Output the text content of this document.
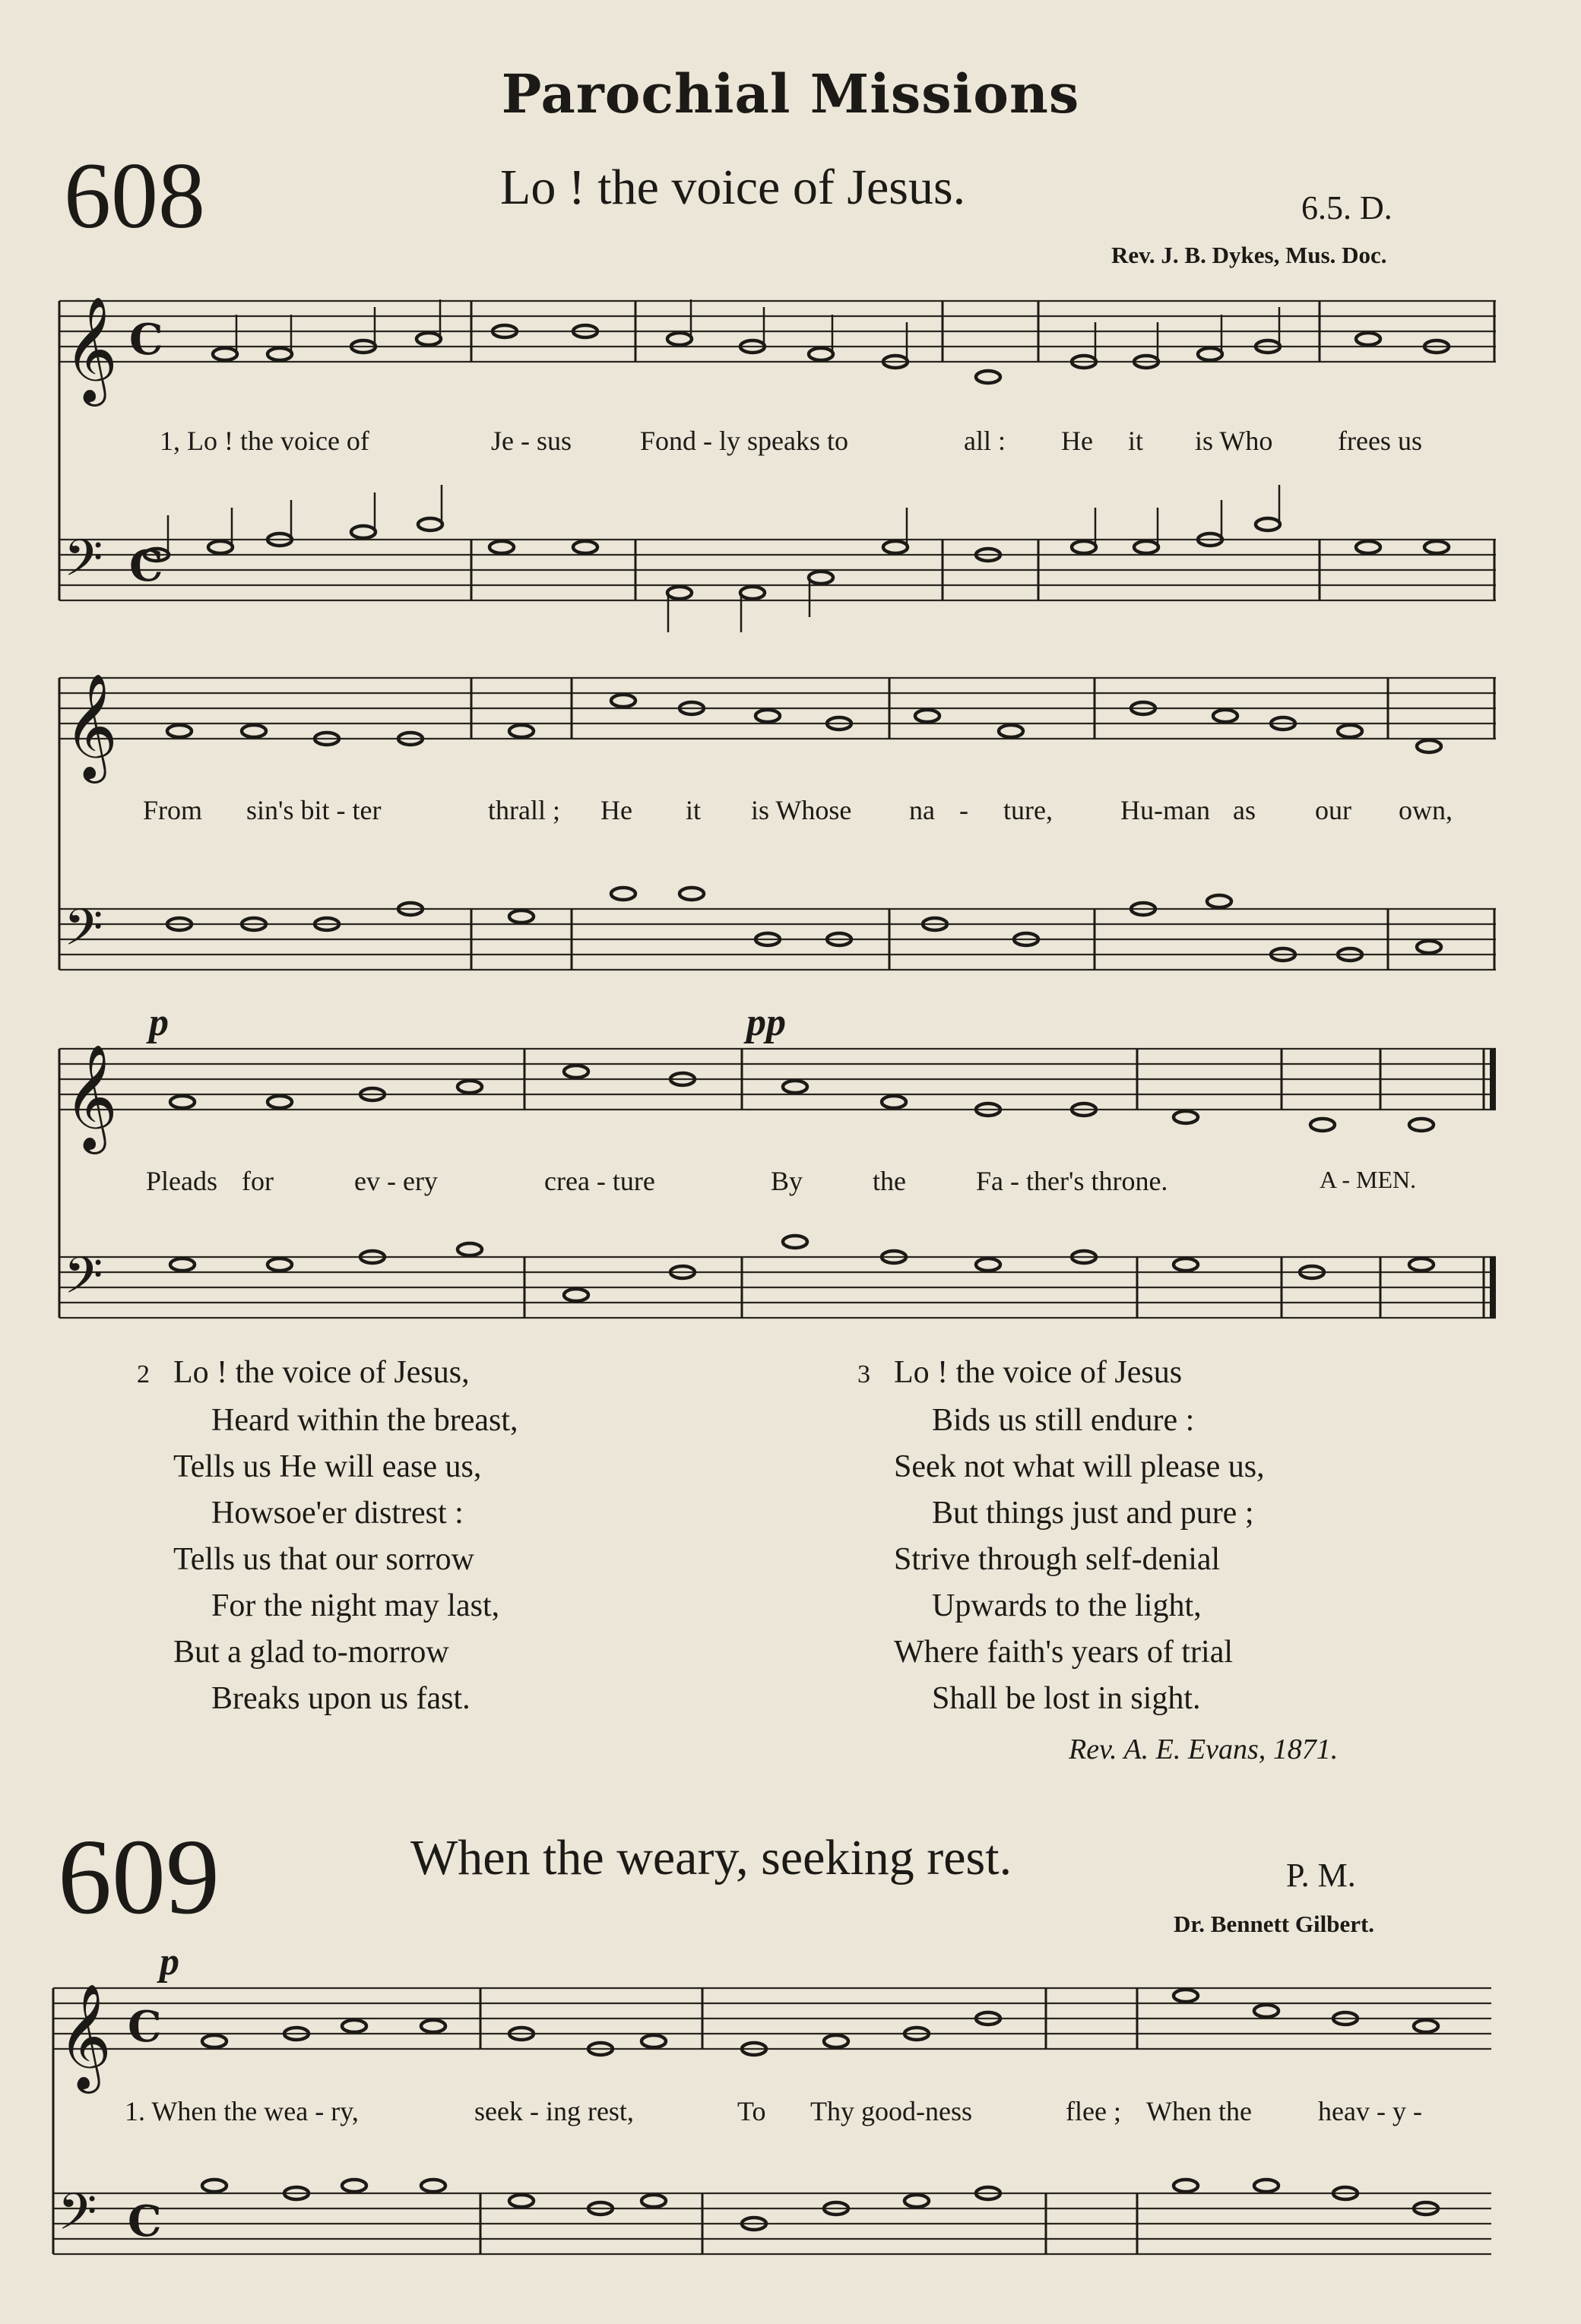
Parochial Missions
608	Lo ! the voice of Jesus.	6.5. D.
Rev. J. B. Dykes, Mus. Doc.
𝄞 C
𝄢 C
𝄞
𝄢
𝄞
𝄢
𝄞 C
𝄢 C
1, Lo ! the voice of	Je - sus	Fond - ly speaks to	all : He it is Who frees us
From sin's bit - ter	thrall ; He it is Whose na - ture, Hu-man as our own,
p	pp
Pleads for	ev - ery	crea - ture	By	the	Fa - ther's throne.	A - MEN.
2 Lo ! the voice of Jesus,
Heard within the breast,
Tells us He will ease us,
Howsoe'er distrest :
Tells us that our sorrow
For the night may last,
But a glad to-morrow
Breaks upon us fast.
3 Lo ! the voice of Jesus
Bids us still endure :
Seek not what will please us,
But things just and pure ;
Strive through self-denial
Upwards to the light,
Where faith's years of trial
Shall be lost in sight.
Rev. A. E. Evans, 1871.
609	When the weary, seeking rest.	P. M.
Dr. Bennett Gilbert.
p
1. When the wea - ry,	seek - ing rest,	To Thy good-ness	flee ; When the heav - y -
